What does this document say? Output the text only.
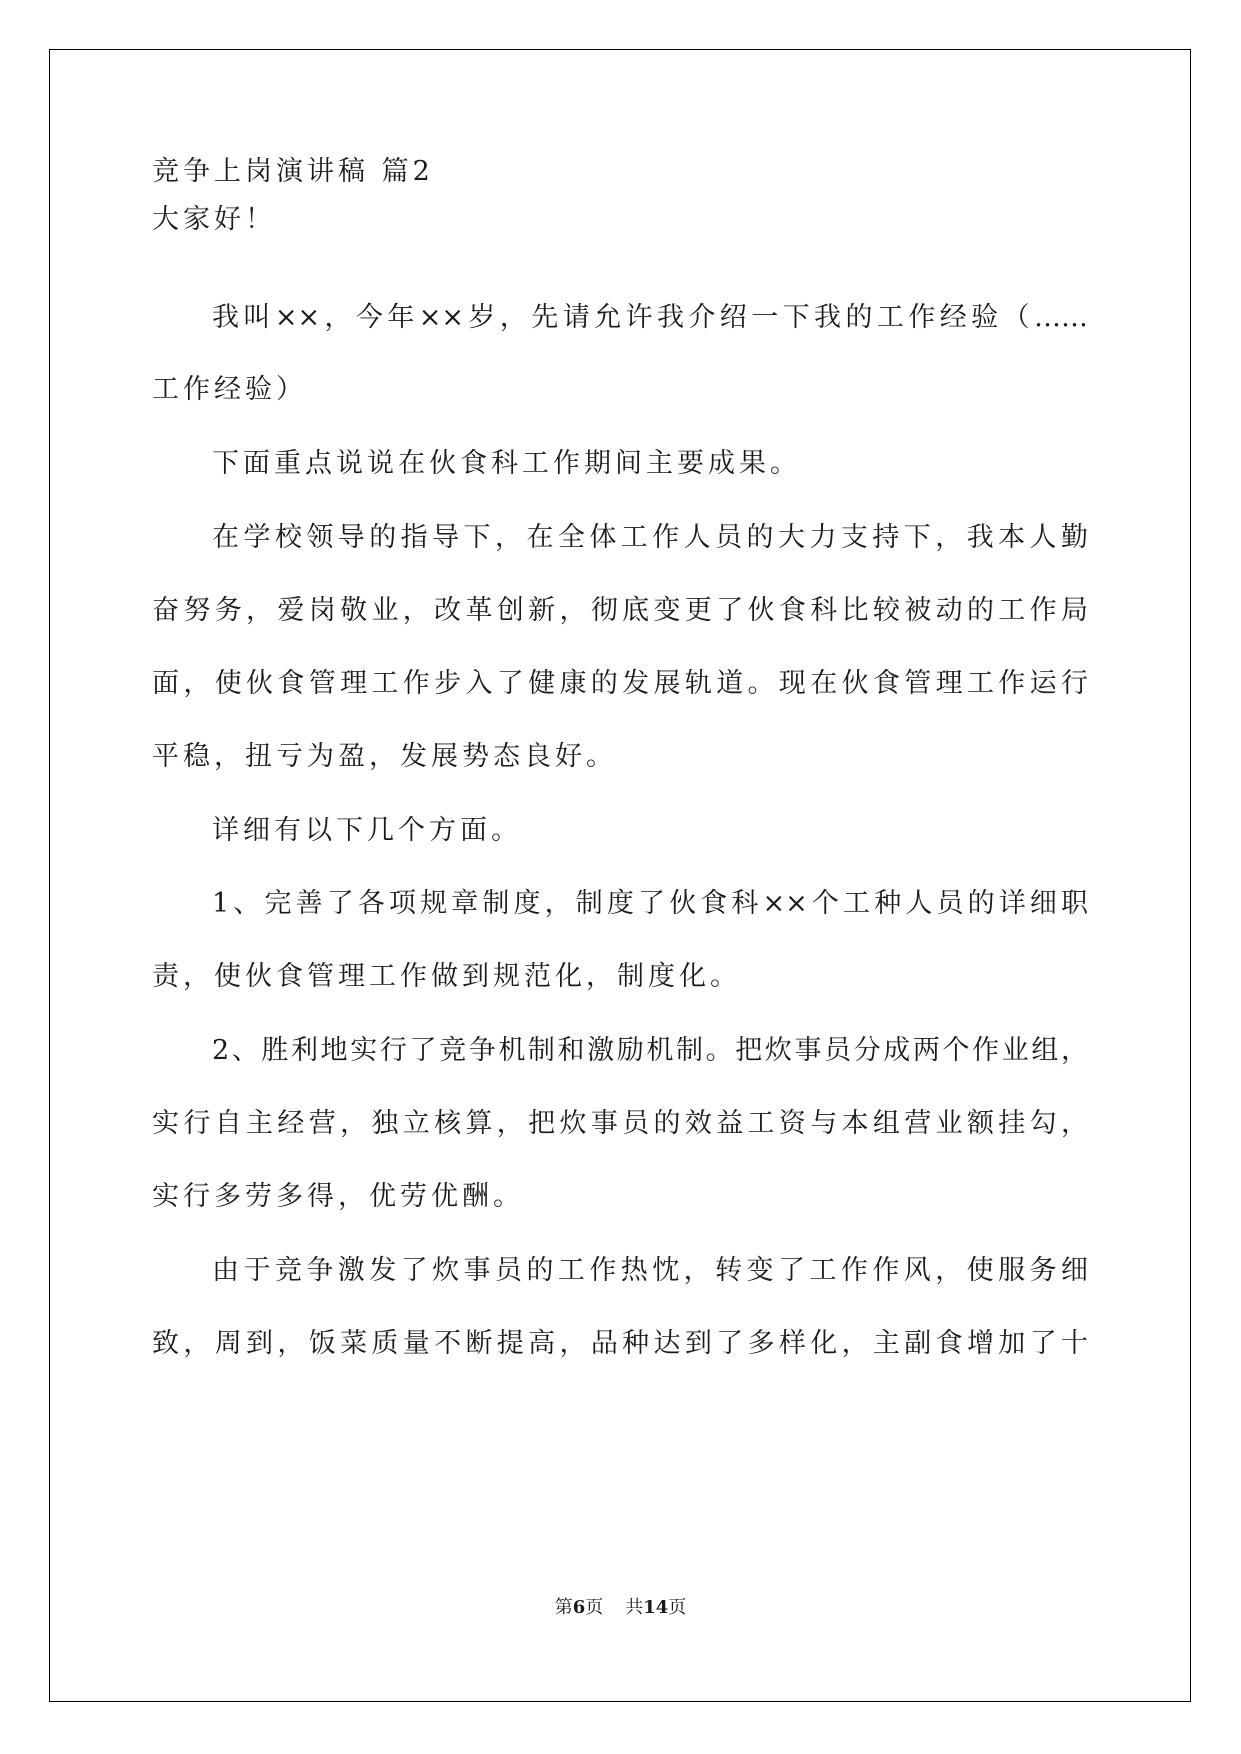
竞争上岗演讲稿 篇2

大家好！

我叫××，今年××岁，先请允许我介绍一下我的工作经验（……

工作经验）

下面重点说说在伙食科工作期间主要成果。

在学校领导的指导下，在全体工作人员的大力支持下，我本人勤

奋努务，爱岗敬业，改革创新，彻底变更了伙食科比较被动的工作局

面，使伙食管理工作步入了健康的发展轨道。现在伙食管理工作运行

平稳，扭亏为盈，发展势态良好。

详细有以下几个方面。

1、完善了各项规章制度，制度了伙食科××个工种人员的详细职

责，使伙食管理工作做到规范化，制度化。

2、胜利地实行了竞争机制和激励机制。把炊事员分成两个作业组，

实行自主经营，独立核算，把炊事员的效益工资与本组营业额挂勾，

实行多劳多得，优劳优酬。

由于竞争激发了炊事员的工作热忱，转变了工作作风，使服务细

致，周到，饭菜质量不断提高，品种达到了多样化，主副食增加了十

第6页 共14页
